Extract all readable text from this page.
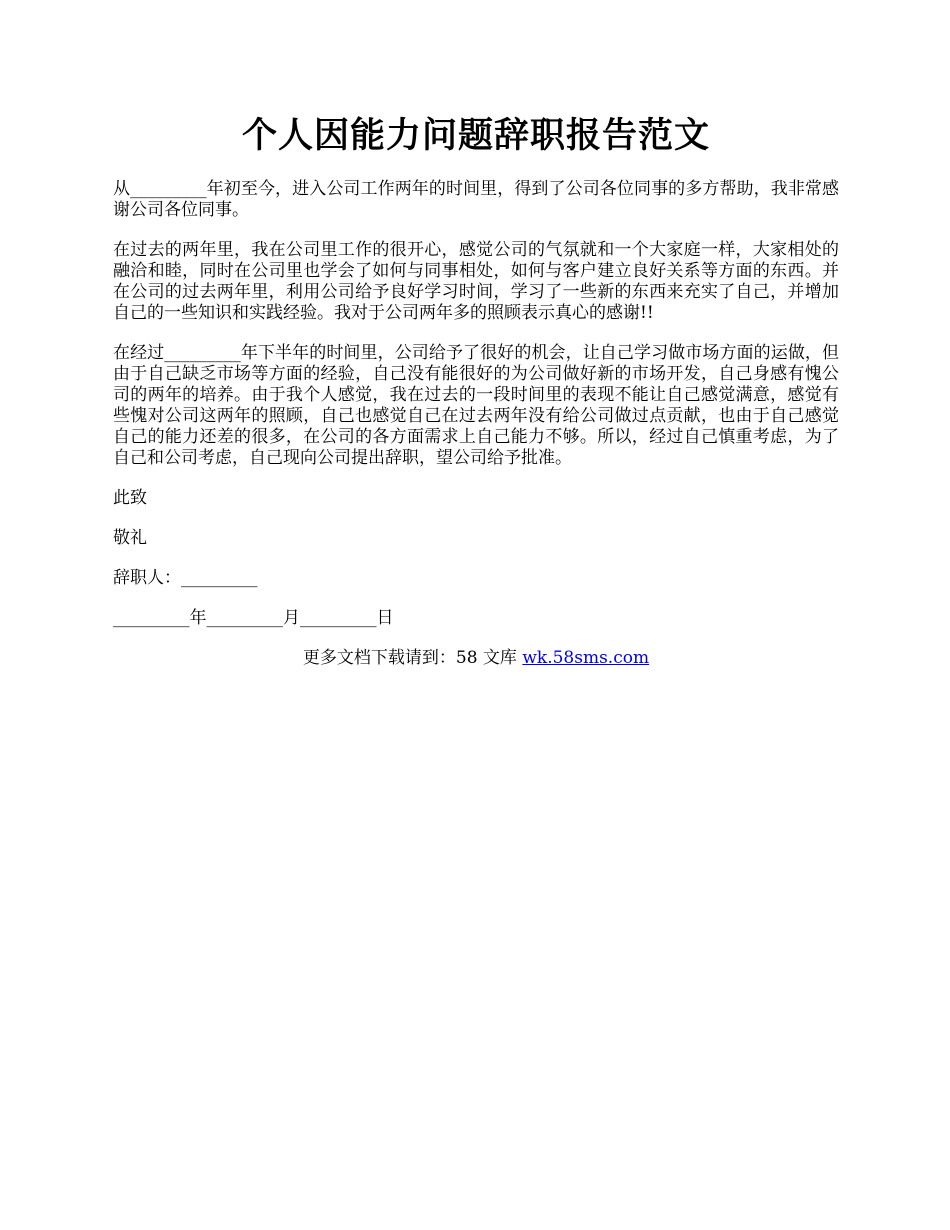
个人因能力问题辞职报告范文

从_________年初至今，进入公司工作两年的时间里，得到了公司各位同事的多方帮助，我非常感谢公司各位同事。

在过去的两年里，我在公司里工作的很开心，感觉公司的气氛就和一个大家庭一样，大家相处的融洽和睦，同时在公司里也学会了如何与同事相处，如何与客户建立良好关系等方面的东西。并在公司的过去两年里，利用公司给予良好学习时间，学习了一些新的东西来充实了自己，并增加自己的一些知识和实践经验。我对于公司两年多的照顾表示真心的感谢!!

在经过_________年下半年的时间里，公司给予了很好的机会，让自己学习做市场方面的运做，但由于自己缺乏市场等方面的经验，自己没有能很好的为公司做好新的市场开发，自己身感有愧公司的两年的培养。由于我个人感觉，我在过去的一段时间里的表现不能让自己感觉满意，感觉有些愧对公司这两年的照顾，自己也感觉自己在过去两年没有给公司做过点贡献，也由于自己感觉自己的能力还差的很多，在公司的各方面需求上自己能力不够。所以，经过自己慎重考虑，为了自己和公司考虑，自己现向公司提出辞职，望公司给予批准。

此致

敬礼

辞职人：_________

_________年_________月_________日

更多文档下载请到：58 文库 wk.58sms.com
